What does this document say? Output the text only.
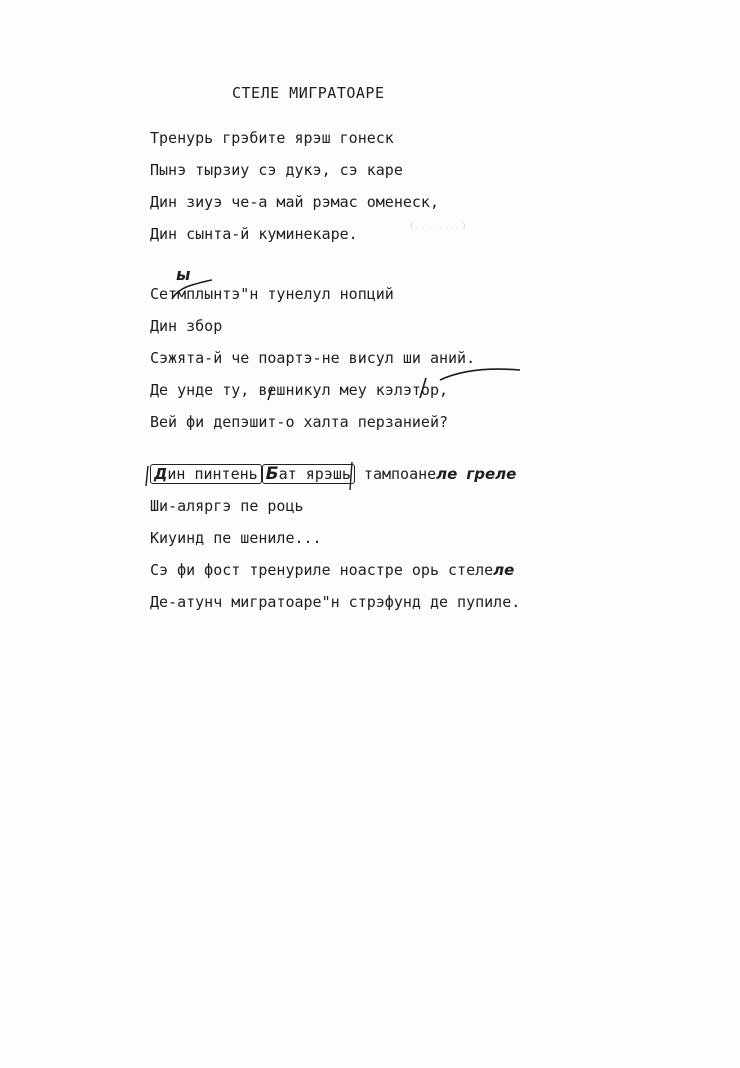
СТЕЛЕ МИГРАТОАРЕ
( . . . . . . . . )
Тренурь грэбите ярэш гонеск
Пынэ тырзиу сэ дукэ, сэ каре
Дин зиуэ че-а май рэмас оменеск,
Дин сынта-й куминекаре.
Сетмплынтэ"н тунелул нопций
Дин збор
Сэжята-й че поартэ-не висул ши аний.
Де унде ту, вешникул меу кэлэтор,
Вей фи депэшит-о халта перзанией?
ы
Дин пинтень Бат ярэшь тампоанеле греле
Ши-аляргэ пе роць
Киуинд пе шениле...
Сэ фи фост тренуриле ноастре орь стелеле
Де-атунч мигратоаре"н стрэфунд де пупиле.
